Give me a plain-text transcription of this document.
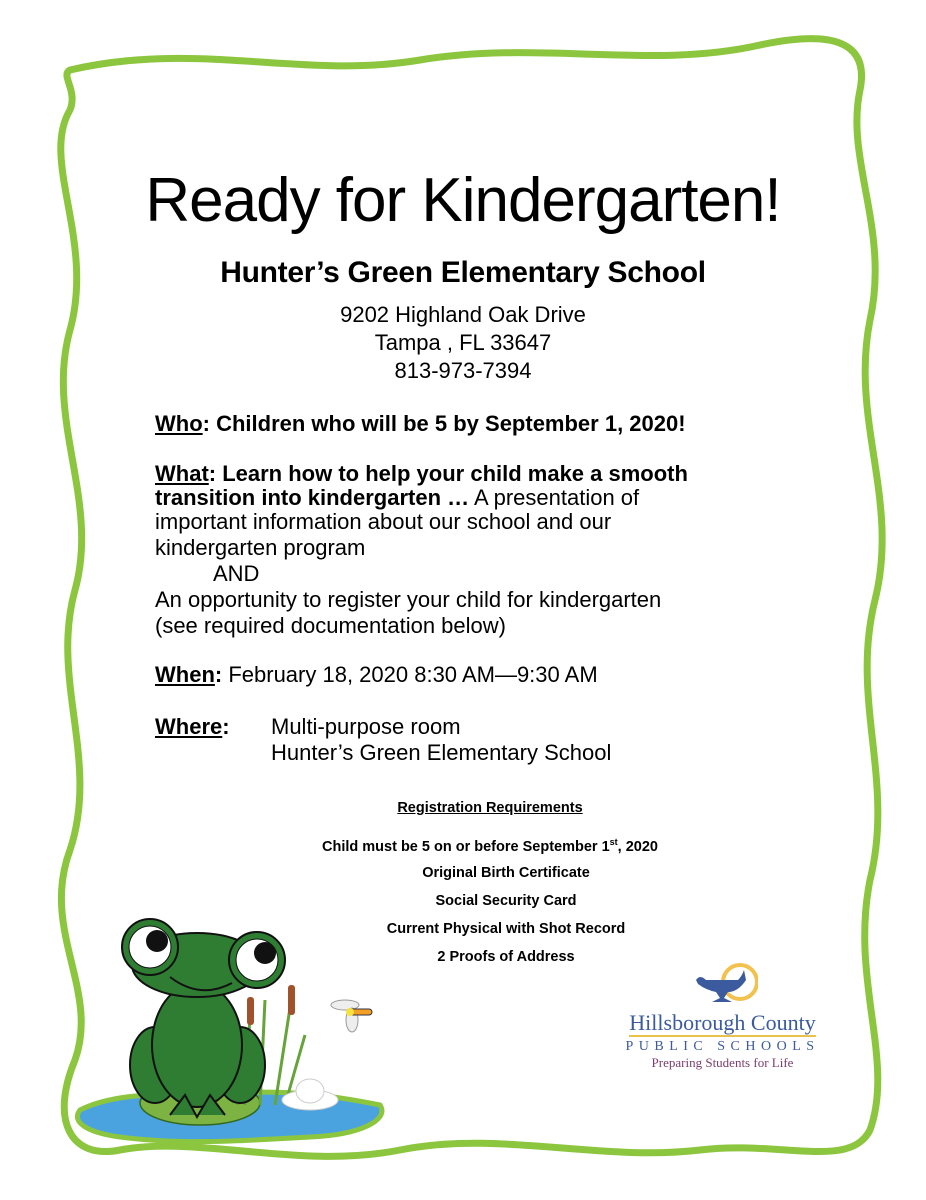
Ready for Kindergarten!
Hunter’s Green Elementary School
9202 Highland Oak Drive
Tampa , FL 33647
813-973-7394
Who: Children who will be 5 by September 1, 2020!
What: Learn how to help your child make a smooth
transition into kindergarten … A presentation of
important information about our school and our
kindergarten program
AND
An opportunity to register your child for kindergarten
(see required documentation below)
When: February 18, 2020 8:30 AM—9:30 AM
Where: Multi-purpose room
Hunter’s Green Elementary School
Registration Requirements
Child must be 5 on or before September 1st, 2020
Original Birth Certificate
Social Security Card
Current Physical with Shot Record
2 Proofs of Address
Hillsborough County
PUBLIC SCHOOLS
Preparing Students for Life
